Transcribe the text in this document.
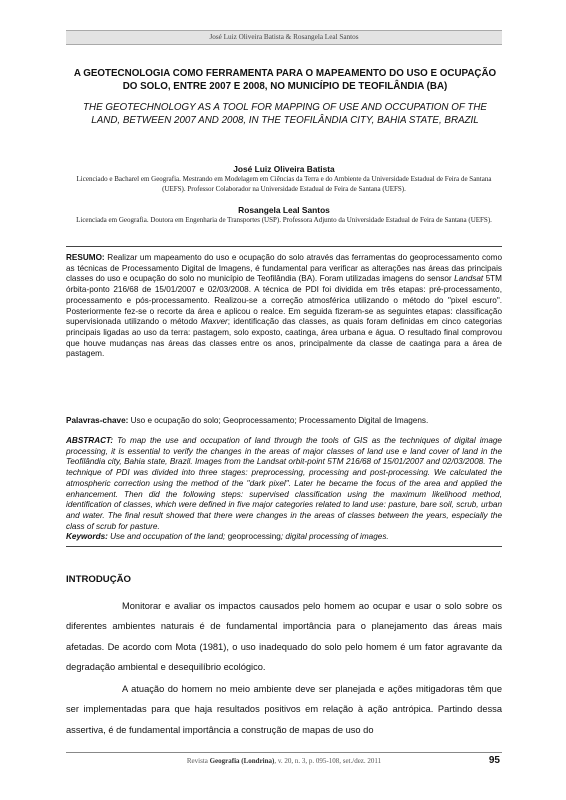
José Luiz Oliveira Batista & Rosangela Leal Santos
A GEOTECNOLOGIA COMO FERRAMENTA PARA O MAPEAMENTO DO USO E OCUPAÇÃO DO SOLO, ENTRE 2007 E 2008, NO MUNICÍPIO DE TEOFILÂNDIA (BA)
THE GEOTECHNOLOGY AS A TOOL FOR MAPPING OF USE AND OCCUPATION OF THE LAND, BETWEEN 2007 AND 2008, IN THE TEOFILÂNDIA CITY, BAHIA STATE, BRAZIL
José Luiz Oliveira Batista
Licenciado e Bacharel em Geografia. Mestrando em Modelagem em Ciências da Terra e do Ambiente da Universidade Estadual de Feira de Santana (UEFS). Professor Colaborador na Universidade Estadual de Feira de Santana (UEFS).
Rosangela Leal Santos
Licenciada em Geografia. Doutora em Engenharia de Transportes (USP). Professora Adjunto da Universidade Estadual de Feira de Santana (UEFS).
RESUMO: Realizar um mapeamento do uso e ocupação do solo através das ferramentas do geoprocessamento como as técnicas de Processamento Digital de Imagens, é fundamental para verificar as alterações nas áreas das principais classes do uso e ocupação do solo no município de Teofilândia (BA). Foram utilizadas imagens do sensor Landsat 5TM órbita-ponto 216/68 de 15/01/2007 e 02/03/2008. A técnica de PDI foi dividida em três etapas: pré-processamento, processamento e pós-processamento. Realizou-se a correção atmosférica utilizando o método do "pixel escuro". Posteriormente fez-se o recorte da área e aplicou o realce. Em seguida fizeram-se as seguintes etapas: classificação supervisionada utilizando o método Maxver; identificação das classes, as quais foram definidas em cinco categorias principais ligadas ao uso da terra: pastagem, solo exposto, caatinga, área urbana e água. O resultado final comprovou que houve mudanças nas áreas das classes entre os anos, principalmente da classe de caatinga para a área de pastagem.
Palavras-chave: Uso e ocupação do solo; Geoprocessamento; Processamento Digital de Imagens.
ABSTRACT: To map the use and occupation of land through the tools of GIS as the techniques of digital image processing, it is essential to verify the changes in the areas of major classes of land use e land cover of land in the Teofilândia city, Bahia state, Brazil. Images from the Landsat orbit-point 5TM 216/68 of 15/01/2007 and 02/03/2008. The technique of PDI was divided into three stages: preprocessing, processing and post-processing. We calculated the atmospheric correction using the method of the "dark pixel". Later he became the focus of the area and applied the enhancement. Then did the following steps: supervised classification using the maximum likelihood method, identification of classes, which were defined in five major categories related to land use: pasture, bare soil, scrub, urban and water. The final result showed that there were changes in the areas of classes between the years, especially the class of scrub for pasture.
Keywords: Use and occupation of the land; geoprocessing; digital processing of images.
INTRODUÇÃO
Monitorar e avaliar os impactos causados pelo homem ao ocupar e usar o solo sobre os diferentes ambientes naturais é de fundamental importância para o planejamento das áreas mais afetadas. De acordo com Mota (1981), o uso inadequado do solo pelo homem é um fator agravante da degradação ambiental e desequilíbrio ecológico.
A atuação do homem no meio ambiente deve ser planejada e ações mitigadoras têm que ser implementadas para que haja resultados positivos em relação à ação antrópica. Partindo dessa assertiva, é de fundamental importância a construção de mapas de uso do
Revista Geografia (Londrina), v. 20, n. 3, p. 095-108, set./dez. 2011	95
